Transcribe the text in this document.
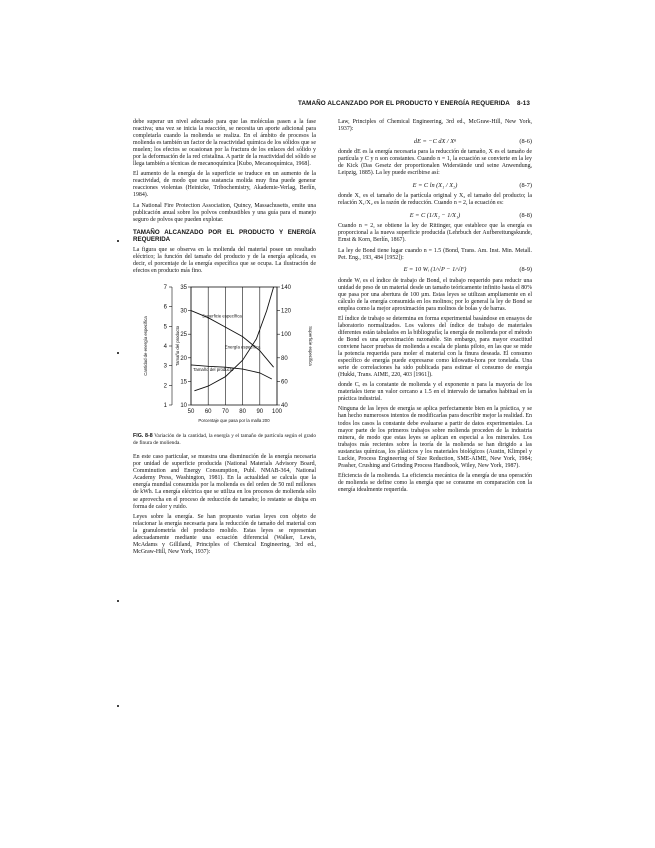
TAMAÑO ALCANZADO POR EL PRODUCTO Y ENERGÍA REQUERIDA 8-13

debe superar un nivel adecuado para que las moléculas pasen a la fase reactiva; una vez se inicia la reacción, se necesita un aporte adicional para completarla cuando la molienda se realiza. En el ámbito de procesos la molienda es también un factor de la reactividad química de los sólidos que se muelen; los efectos se ocasionan por la fractura de los enlaces del sólido y por la deformación de la red cristalina. A partir de la reactividad del sólido se llega también a técnicas de mecanoquímica [Kubo, Mecanoquímica, 1968].

El aumento de la energía de la superficie se traduce en un aumento de la reactividad, de modo que una sustancia molida muy fina puede generar reacciones violentas (Heinicke, Tribochemistry, Akademie-Verlag, Berlín, 1984).

La National Fire Protection Association, Quincy, Massachusetts, emite una publicación anual sobre los polvos combustibles y una guía para el manejo seguro de polvos que pueden explotar.

TAMAÑO ALCANZADO POR EL PRODUCTO Y ENERGÍA REQUERIDA

La figura que se observa en la molienda del material posee un resultado eléctrico; la función del tamaño del producto y de la energía aplicada, es decir, el porcentaje de la energía específica que se ocupa. La ilustración de efectos en producto más fino.

50 60 70 80 90 100
10
15
20
25
30
35
1
2
3
4
5
6
7
40
60
80
100
120
140
Porcentaje que pasa por la malla 200
Cantidad de energía específica	Tamaño del producto	Superficie específica
Superficie específica
Tamaño del producto
Energía específica
FIG. 8-8 Variación de la cantidad, la energía y el tamaño de partícula según el grado de finura de molienda.

En este caso particular, se muestra una disminución de la energía necesaria por unidad de superficie producida (National Materials Advisory Board, Comminution and Energy Consumption, Publ. NMAB-364, National Academy Press, Washington, 1981). En la actualidad se calcula que la energía mundial consumida por la molienda es del orden de 50 mil millones de kWh. La energía eléctrica que se utiliza en los procesos de molienda sólo se aprovecha en el proceso de reducción de tamaño; lo restante se disipa en forma de calor y ruido.

Leyes sobre la energía. Se han propuesto varias leyes con objeto de relacionar la energía necesaria para la reducción de tamaño del material con la granulometría del producto molido. Estas leyes se representan adecuadamente mediante una ecuación diferencial (Walker, Lewis, McAdams y Gilliland, Principles of Chemical Engineering, 3rd ed., McGraw-Hill, New York, 1937):

Law, Principles of Chemical Engineering, 3rd ed., McGraw-Hill, New York, 1937):

dE = −C dX / Xⁿ	(8-6)

donde dE es la energía necesaria para la reducción de tamaño, X es el tamaño de partícula y C y n son constantes. Cuando n = 1, la ecuación se convierte en la ley de Kick (Das Gesetz der proportionalen Widerstände und seine Anwendung, Leipzig, 1885). La ley puede escribirse así:

E = C ln (X₁ / X₂)	(8-7)

donde X₁ es el tamaño de la partícula original y X₂ el tamaño del producto; la relación X₁/X₂ es la razón de reducción. Cuando n = 2, la ecuación es:

E = C (1/X₂ − 1/X₁)	(8-8)

Cuando n = 2, se obtiene la ley de Rittinger, que establece que la energía es proporcional a la nueva superficie producida (Lehrbuch der Aufbereitungskunde, Ernst & Korn, Berlín, 1867).

La ley de Bond tiene lugar cuando n = 1.5 (Bond, Trans. Am. Inst. Min. Metall. Pet. Eng., 193, 484 [1952]):

E = 10 Wᵢ (1/√P − 1/√F)	(8-9)

donde Wᵢ es el índice de trabajo de Bond, el trabajo requerido para reducir una unidad de peso de un material desde un tamaño teóricamente infinito hasta el 80% que pasa por una abertura de 100 µm. Estas leyes se utilizan ampliamente en el cálculo de la energía consumida en los molinos; por lo general la ley de Bond se emplea como la mejor aproximación para molinos de bolas y de barras.

El índice de trabajo se determina en forma experimental basándose en ensayos de laboratorio normalizados. Los valores del índice de trabajo de materiales diferentes están tabulados en la bibliografía; la energía de molienda por el método de Bond es una aproximación razonable. Sin embargo, para mayor exactitud conviene hacer pruebas de molienda a escala de planta piloto, en las que se mide la potencia requerida para moler el material con la finura deseada. El consumo específico de energía puede expresarse como kilowatts-hora por tonelada. Una serie de correlaciones ha sido publicada para estimar el consumo de energía (Hukki, Trans. AIME, 220, 403 [1961]).

donde Cₑ es la constante de molienda y el exponente n para la mayoría de los materiales tiene un valor cercano a 1.5 en el intervalo de tamaños habitual en la práctica industrial.

Ninguna de las leyes de energía se aplica perfectamente bien en la práctica, y se han hecho numerosos intentos de modificarlas para describir mejor la realidad. En todos los casos la constante debe evaluarse a partir de datos experimentales. La mayor parte de los primeros trabajos sobre molienda proceden de la industria minera, de modo que estas leyes se aplican en especial a los minerales. Los trabajos más recientes sobre la teoría de la molienda se han dirigido a las sustancias químicas, los plásticos y los materiales biológicos (Austin, Klimpel y Luckie, Process Engineering of Size Reduction, SME-AIME, New York, 1984; Prasher, Crushing and Grinding Process Handbook, Wiley, New York, 1987).

Eficiencia de la molienda. La eficiencia mecánica de la energía de una operación de molienda se define como la energía que se consume en comparación con la energía idealmente requerida.
